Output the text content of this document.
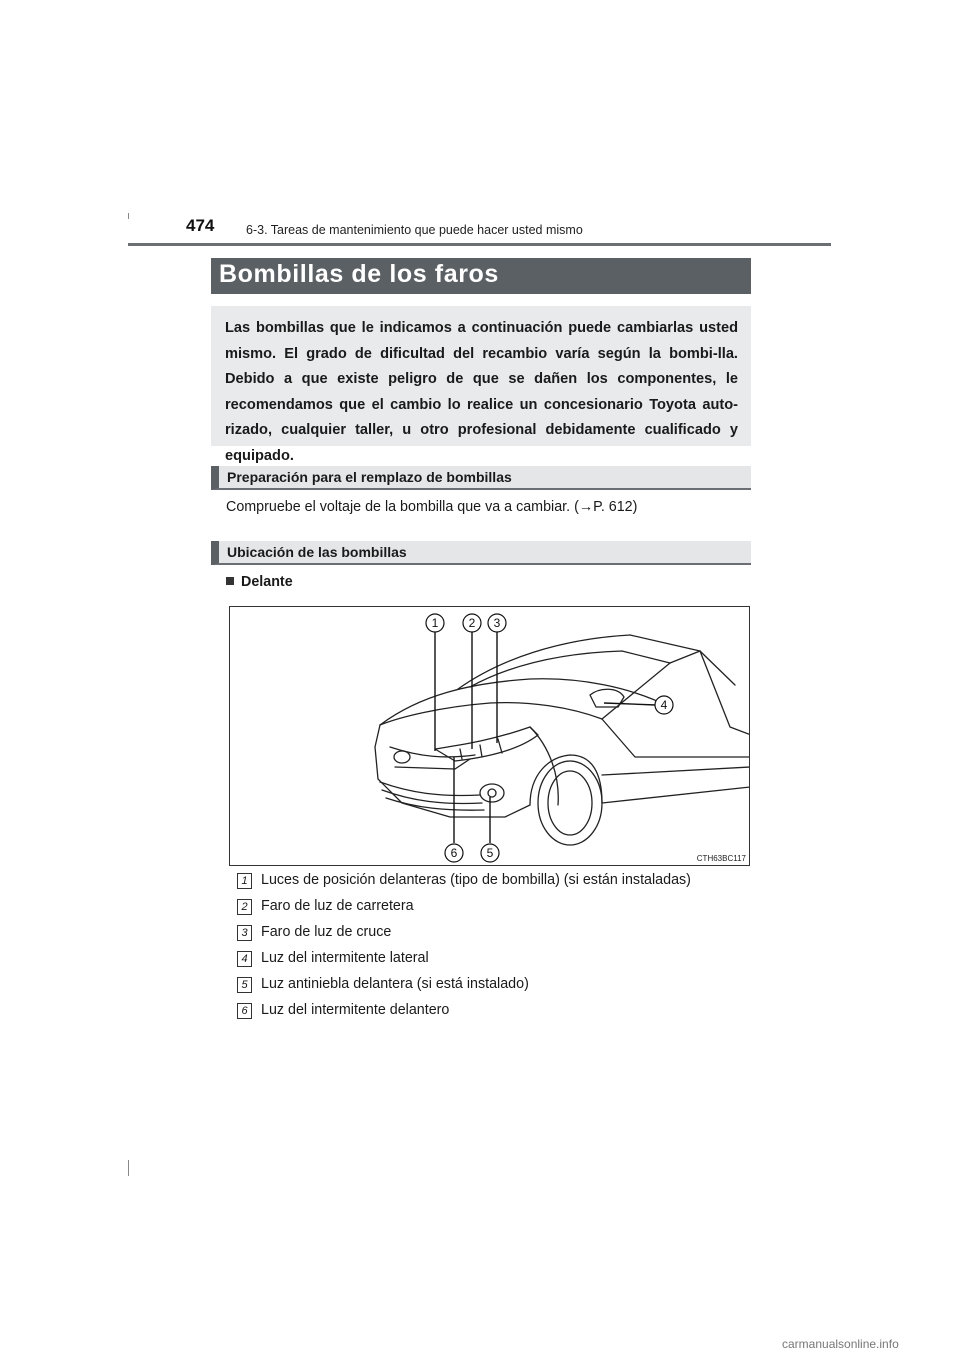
474	6-3. Tareas de mantenimiento que puede hacer usted mismo
Bombillas de los faros

Las bombillas que le indicamos a continuación puede cambiarlas usted mismo. El grado de dificultad del recambio varía según la bombi-lla. Debido a que existe peligro de que se dañen los componentes, le recomendamos que el cambio lo realice un concesionario Toyota auto-rizado, cualquier taller, u otro profesional debidamente cualificado y equipado.

Preparación para el remplazo de bombillas
Compruebe el voltaje de la bombilla que va a cambiar. (→P. 612)
Ubicación de las bombillas
Delante
1	2 3
4
5
6	CTH63BC117
1 Luces de posición delanteras (tipo de bombilla) (si están instaladas)
2 Faro de luz de carretera
3 Faro de luz de cruce
4 Luz del intermitente lateral
5 Luz antiniebla delantera (si está instalado)
6 Luz del intermitente delantero
carmanualsonline.info
